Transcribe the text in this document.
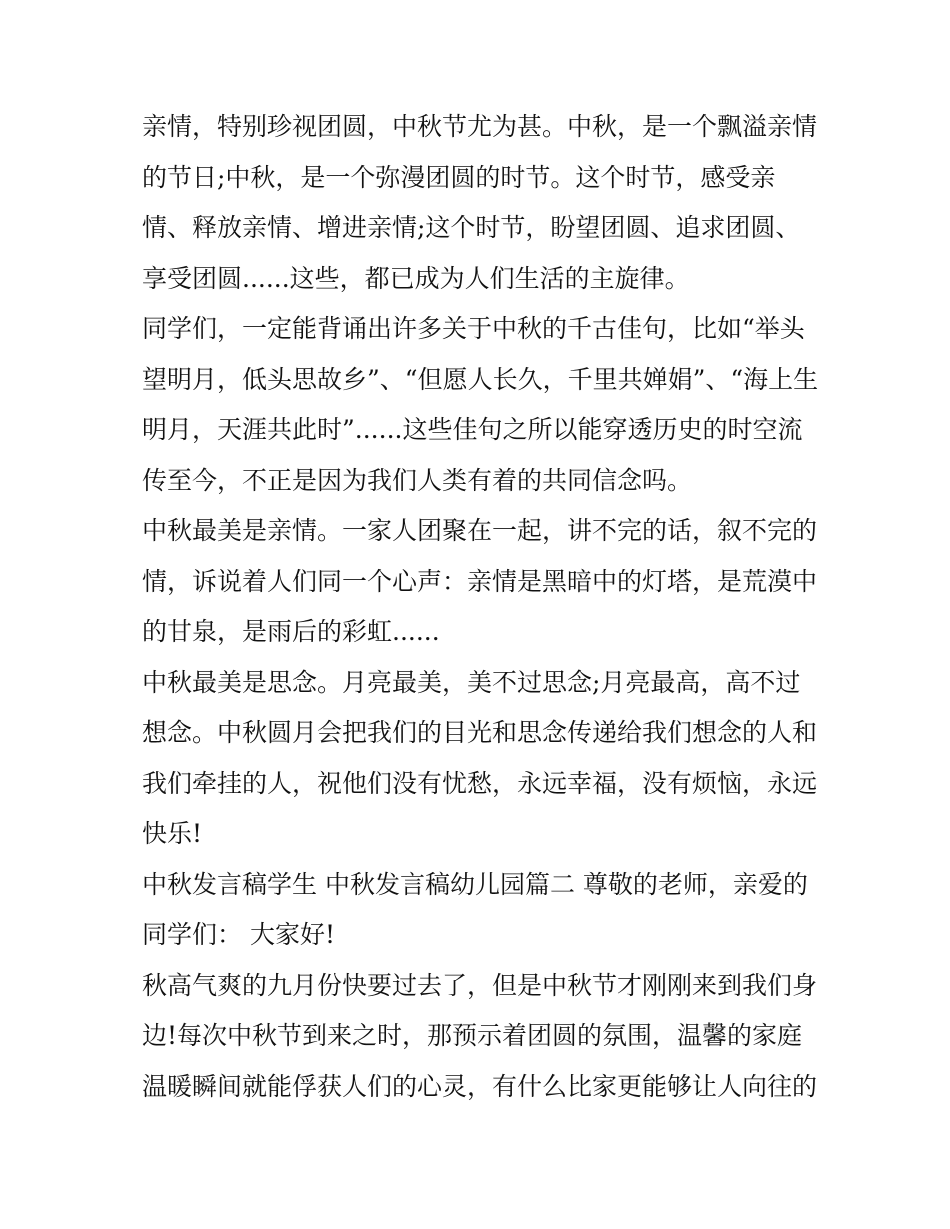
亲情，特别珍视团圆，中秋节尤为甚。中秋，是一个飘溢亲情
的节日;中秋，是一个弥漫团圆的时节。这个时节，感受亲
情、释放亲情、增进亲情;这个时节，盼望团圆、追求团圆、
享受团圆......这些，都已成为人们生活的主旋律。
同学们，一定能背诵出许多关于中秋的千古佳句，比如“举头
望明月，低头思故乡”、“但愿人长久，千里共婵娟”、“海上生
明月，天涯共此时”......这些佳句之所以能穿透历史的时空流
传至今，不正是因为我们人类有着的共同信念吗。
中秋最美是亲情。一家人团聚在一起，讲不完的话，叙不完的
情，诉说着人们同一个心声：亲情是黑暗中的灯塔，是荒漠中
的甘泉，是雨后的彩虹......
中秋最美是思念。月亮最美，美不过思念;月亮最高，高不过
想念。中秋圆月会把我们的目光和思念传递给我们想念的人和
我们牵挂的人，祝他们没有忧愁，永远幸福，没有烦恼，永远
快乐!
中秋发言稿学生 中秋发言稿幼儿园篇二 尊敬的老师，亲爱的
同学们： 大家好!
秋高气爽的九月份快要过去了，但是中秋节才刚刚来到我们身
边!每次中秋节到来之时，那预示着团圆的氛围，温馨的家庭
温暖瞬间就能俘获人们的心灵，有什么比家更能够让人向往的
